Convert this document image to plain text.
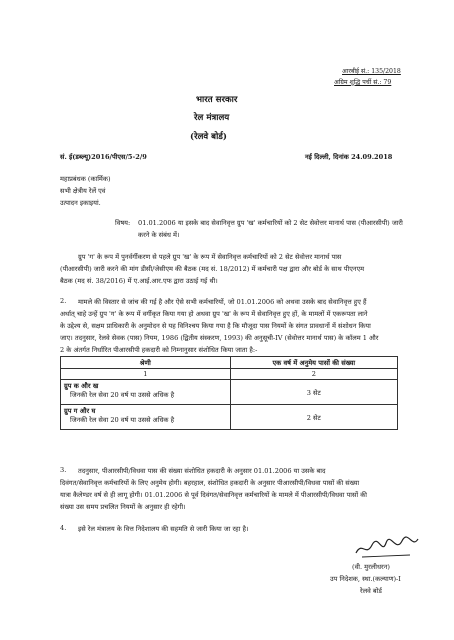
आरबीई सं.: 135/2018
अग्रिम शुद्धि पर्ची सं.: 79
भारत सरकार
रेल मंत्रालय
(रेलवे बोर्ड)
सं. ई(डब्ल्यू)2016/पीएस/5-2/9	नई दिल्ली, दिनांक 24.09.2018
महाप्रबंधक (कार्मिक)
सभी क्षेत्रीय रेलें एवं
उत्पादन इकाइयां.
विषय: 01.01.2006 या इसके बाद सेवानिवृत्त ग्रुप 'ख' कर्मचारियों को 2 सेट सेवोत्तर मानार्थ पास (पीआरसीपी) जारी
करने के संबंध में।
ग्रुप 'ग' के रूप में पुनर्वर्गीकरण से पहले ग्रुप 'ख' के रूप में सेवानिवृत्त कर्मचारियों को 2 सेट सेवोत्तर मानार्थ पास
(पीआरसीपी) जारी करने की मांग डीसी/जेसीएम की बैठक (मद सं. 18/2012) में कर्मचारी पक्ष द्वारा और बोर्ड के साथ पीएनएम
बैठक (मद सं. 38/2016) में ए.आई.आर.एफ द्वारा उठाई गई थी।
2. मामले की विस्तार से जांच की गई है और ऐसे सभी कर्मचारियों, जो 01.01.2006 को अथवा उसके बाद सेवानिवृत्त हुए हैं
अर्थात् चाहे उन्हें ग्रुप 'ग' के रूप में वर्गीकृत किया गया हो अथवा ग्रुप 'ख' के रूप में सेवानिवृत्त हुए हों, के मामलों में एकरूपता लाने
के उद्देश्य से, सक्षम प्राधिकारी के अनुमोदन से यह विनिश्चय किया गया है कि मौजूदा पास नियमों के संगत प्रावधानों में संशोधन किया
जाए। तदनुसार, रेलवे सेवक (पास) नियम, 1986 (द्वितीय संस्करण, 1993) की अनुसूची-IV (सेवोत्तर मानार्थ पास) के कॉलम 1 और
2 के अंतर्गत निर्धारित पीआरसीपी हकदारी को निम्नानुसार संशोधित किया जाता है:-
श्रेणी	एक वर्ष में अनुमेय पासों की संख्या
1	2

ग्रुप क और ख
जिनकी रेल सेवा 20 वर्ष या उससे अधिक है	3 सेट

ग्रुप ग और घ
जिनकी रेल सेवा 20 वर्ष या उससे अधिक है	2 सेट
3. तदनुसार, पीआरसीपी/विधवा पास की संख्या संशोधित हकदारी के अनुसार 01.01.2006 या उसके बाद
दिवंगत/सेवानिवृत्त कर्मचारियों के लिए अनुमेय होगी। बहरहाल, संशोधित हकदारी के अनुसार पीआरसीपी/विधवा पासों की संख्या
यात्रा कैलेण्डर वर्ष से ही लागू होगी। 01.01.2006 से पूर्व दिवंगत/सेवानिवृत्त कर्मचारियों के मामले में पीआरसीपी/विधवा पासों की
संख्या उस समय प्रचलित नियमों के अनुसार ही रहेगी।
4. इसे रेल मंत्रालय के वित्त निदेशालय की सहमति से जारी किया जा रहा है।
(वी. मुरलीधरन)
उप निदेशक, स्था.(कल्याण)-I
रेलवे बोर्ड
